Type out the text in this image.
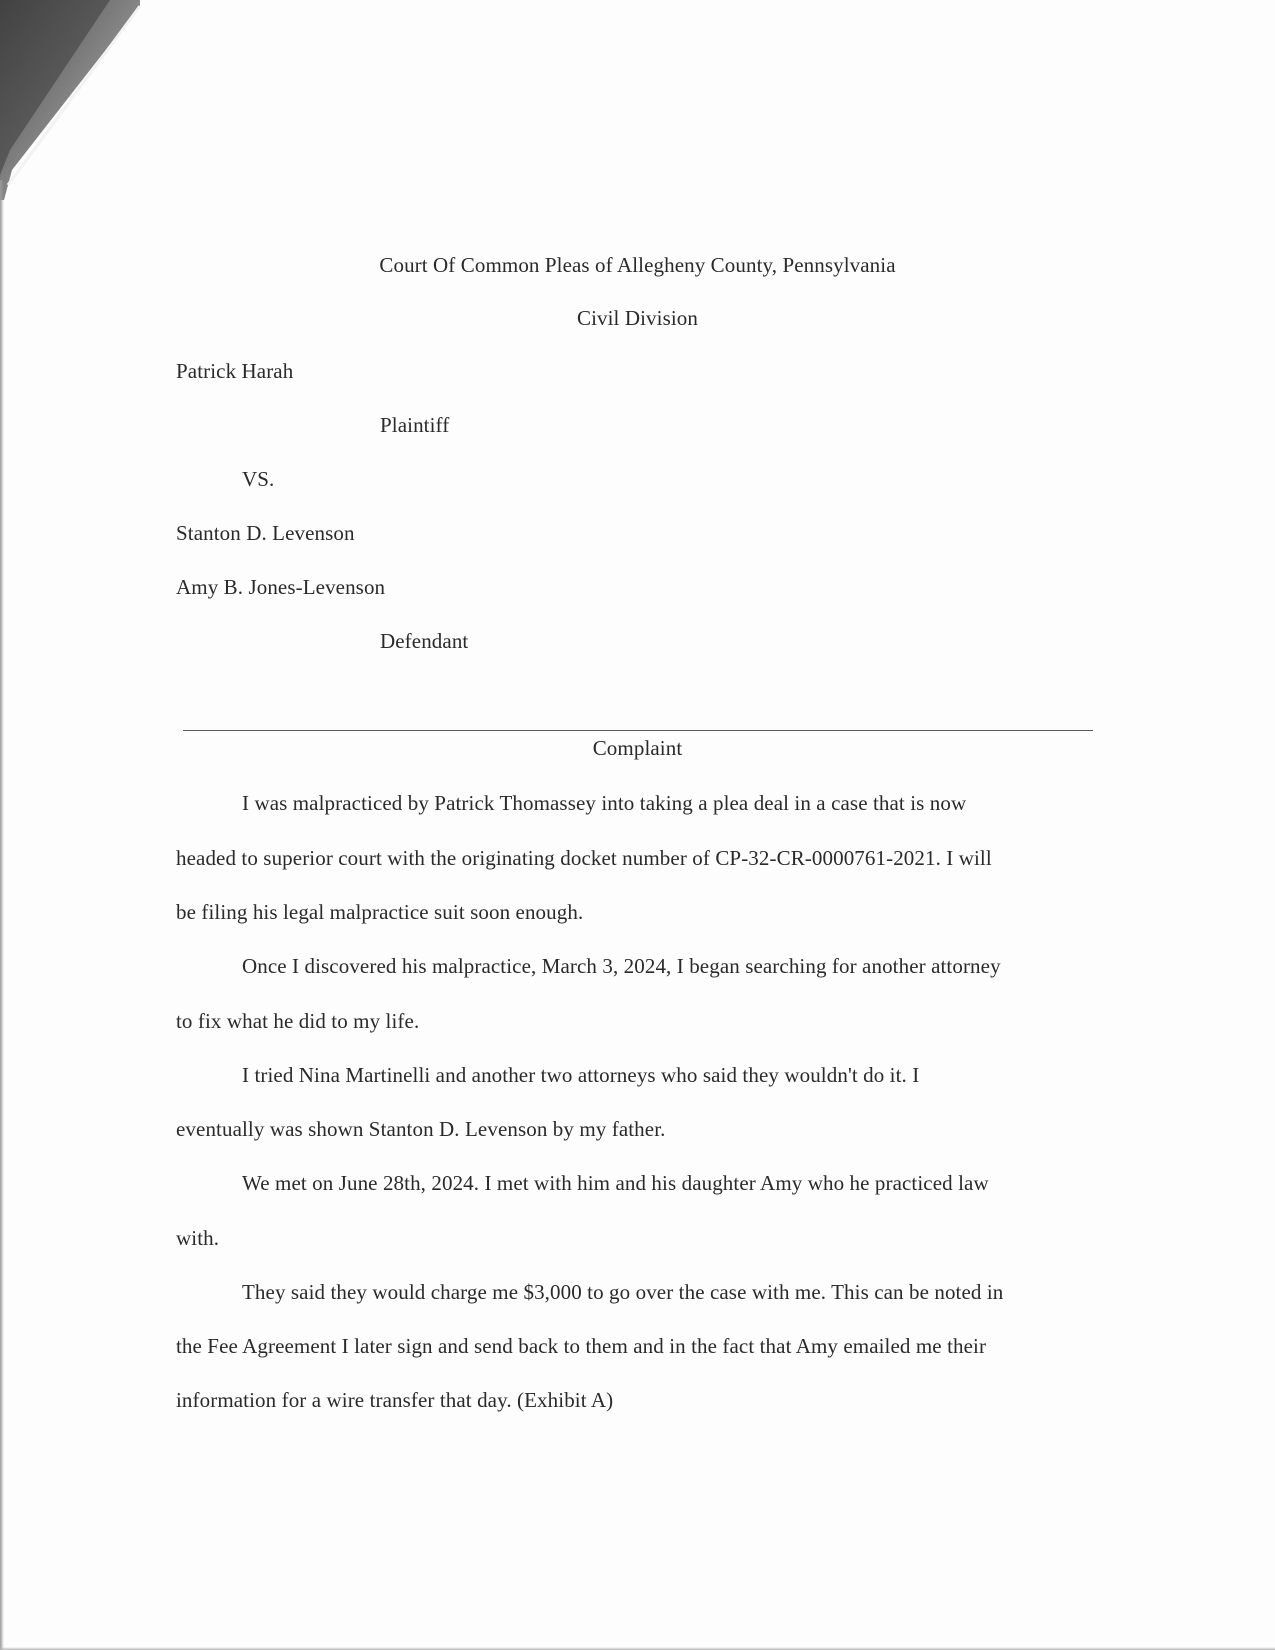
Court Of Common Pleas of Allegheny County, Pennsylvania
Civil Division
Patrick Harah
Plaintiff
VS.
Stanton D. Levenson
Amy B. Jones-Levenson
Defendant
Complaint
I was malpracticed by Patrick Thomassey into taking a plea deal in a case that is now
headed to superior court with the originating docket number of CP-32-CR-0000761-2021. I will
be filing his legal malpractice suit soon enough.
Once I discovered his malpractice, March 3, 2024, I began searching for another attorney
to fix what he did to my life.
I tried Nina Martinelli and another two attorneys who said they wouldn't do it. I
eventually was shown Stanton D. Levenson by my father.
We met on June 28th, 2024. I met with him and his daughter Amy who he practiced law
with.
They said they would charge me $3,000 to go over the case with me. This can be noted in
the Fee Agreement I later sign and send back to them and in the fact that Amy emailed me their
information for a wire transfer that day. (Exhibit A)
